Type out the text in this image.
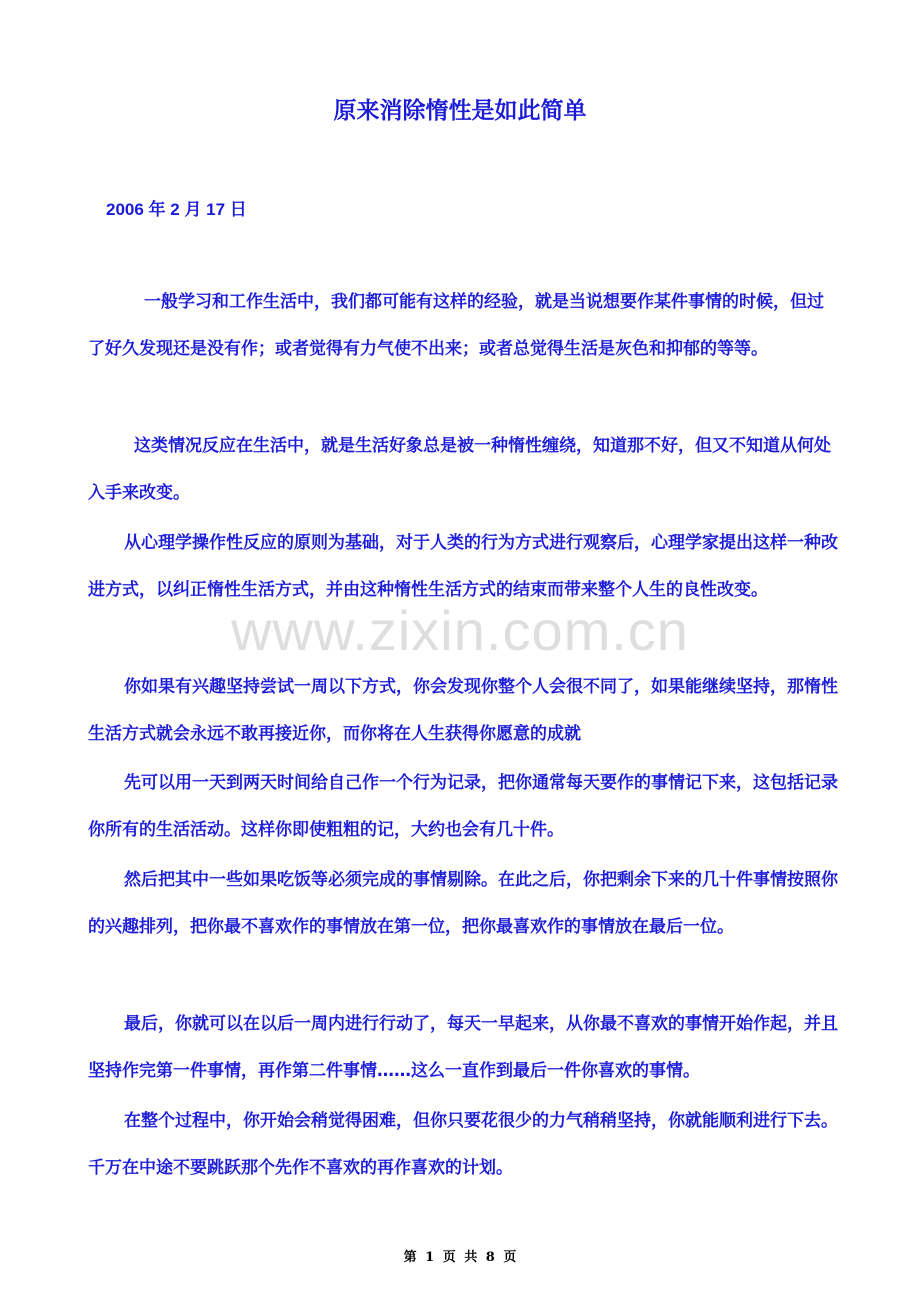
原来消除惰性是如此简单
2006 年 2 月 17 日
www.zixin.com.cn

一般学习和工作生活中，我们都可能有这样的经验，就是当说想要作某件事情的时候，但过了好久发现还是没有作；或者觉得有力气使不出来；或者总觉得生活是灰色和抑郁的等等。

这类情况反应在生活中，就是生活好象总是被一种惰性缠绕，知道那不好，但又不知道从何处入手来改变。

从心理学操作性反应的原则为基础，对于人类的行为方式进行观察后，心理学家提出这样一种改进方式，以纠正惰性生活方式，并由这种惰性生活方式的结束而带来整个人生的良性改变。

你如果有兴趣坚持尝试一周以下方式，你会发现你整个人会很不同了，如果能继续坚持，那惰性生活方式就会永远不敢再接近你，而你将在人生获得你愿意的成就

先可以用一天到两天时间给自己作一个行为记录，把你通常每天要作的事情记下来，这包括记录你所有的生活活动。这样你即使粗粗的记，大约也会有几十件。

然后把其中一些如果吃饭等必须完成的事情剔除。在此之后，你把剩余下来的几十件事情按照你的兴趣排列，把你最不喜欢作的事情放在第一位，把你最喜欢作的事情放在最后一位。

最后，你就可以在以后一周内进行行动了，每天一早起来，从你最不喜欢的事情开始作起，并且坚持作完第一件事情，再作第二件事情……这么一直作到最后一件你喜欢的事情。

在整个过程中，你开始会稍觉得困难，但你只要花很少的力气稍稍坚持，你就能顺利进行下去。千万在中途不要跳跃那个先作不喜欢的再作喜欢的计划。

第 1 页 共 8 页
